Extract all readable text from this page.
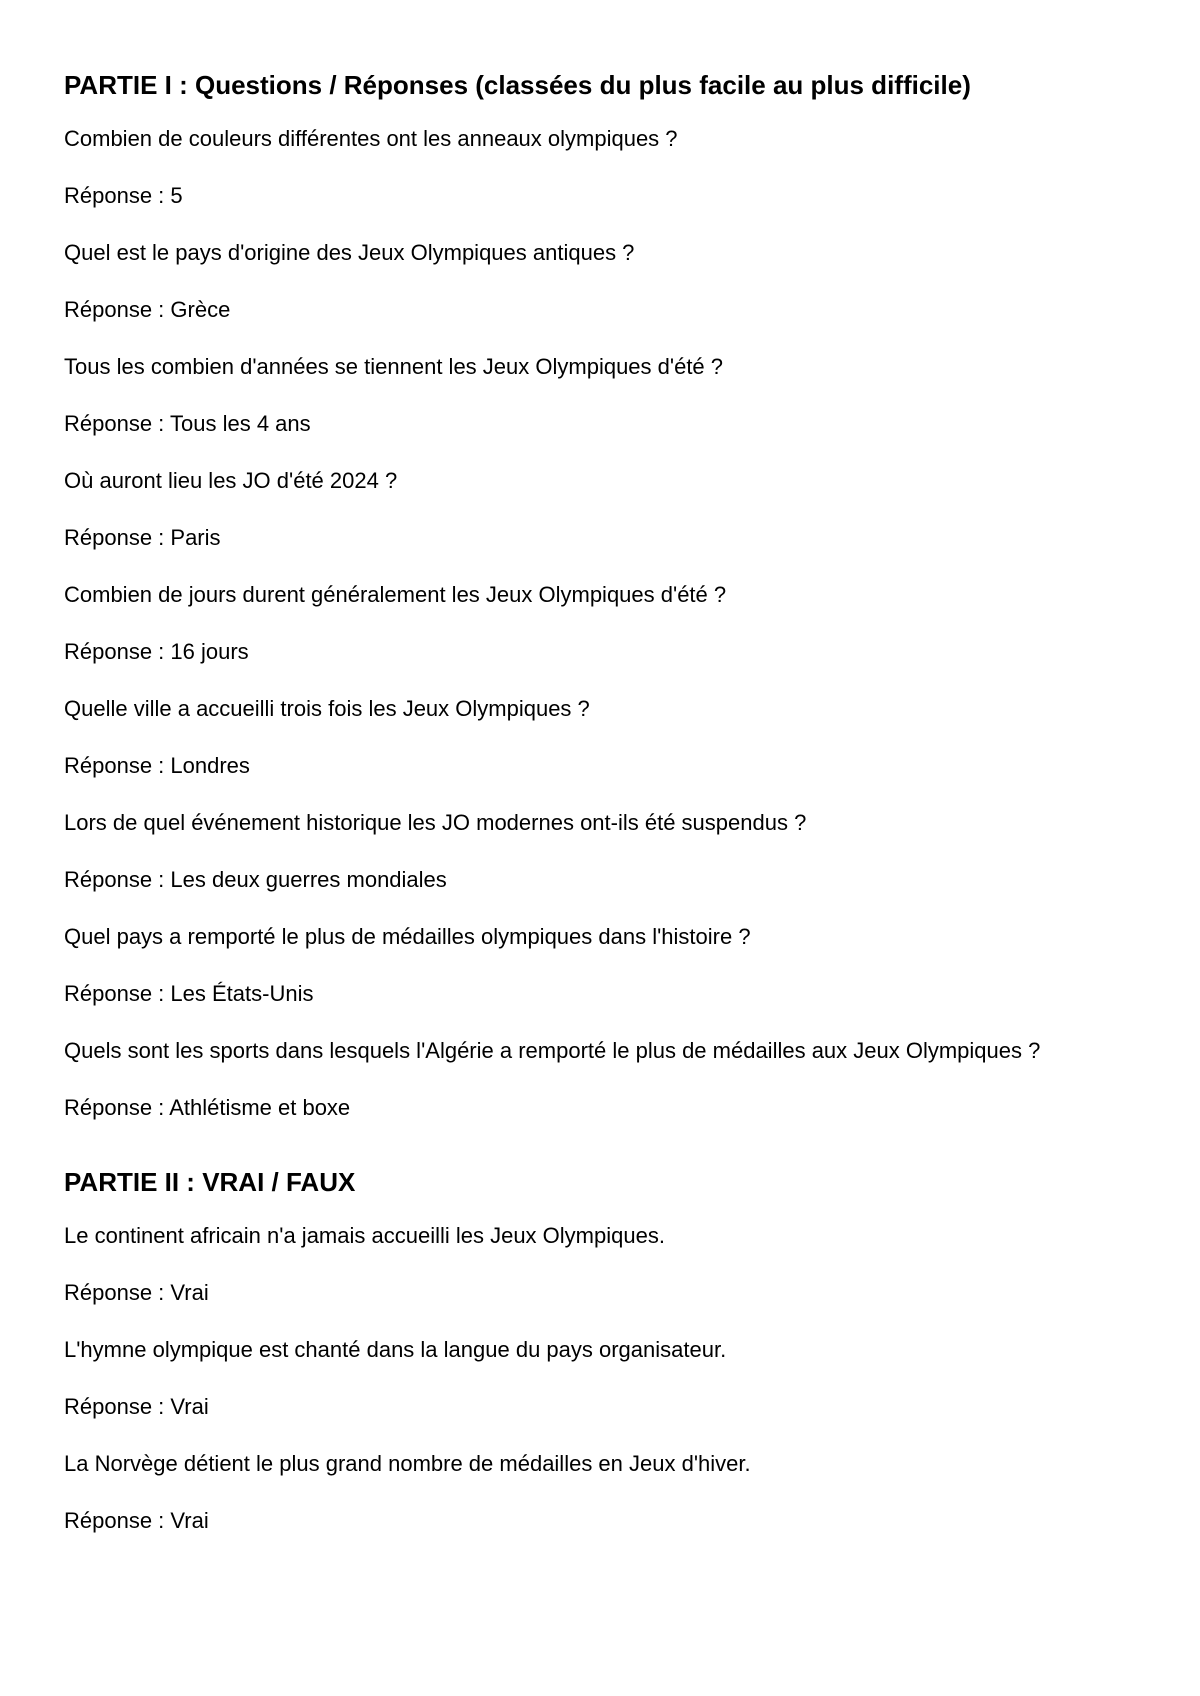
PARTIE I : Questions / Réponses (classées du plus facile au plus difficile)
Combien de couleurs différentes ont les anneaux olympiques ?
Réponse : 5
Quel est le pays d'origine des Jeux Olympiques antiques ?
Réponse : Grèce
Tous les combien d'années se tiennent les Jeux Olympiques d'été ?
Réponse : Tous les 4 ans
Où auront lieu les JO d'été 2024 ?
Réponse : Paris
Combien de jours durent généralement les Jeux Olympiques d'été ?
Réponse : 16 jours
Quelle ville a accueilli trois fois les Jeux Olympiques ?
Réponse : Londres
Lors de quel événement historique les JO modernes ont-ils été suspendus ?
Réponse : Les deux guerres mondiales
Quel pays a remporté le plus de médailles olympiques dans l'histoire ?
Réponse : Les États-Unis
Quels sont les sports dans lesquels l'Algérie a remporté le plus de médailles aux Jeux Olympiques ?
Réponse : Athlétisme et boxe
PARTIE II : VRAI / FAUX
Le continent africain n'a jamais accueilli les Jeux Olympiques.
Réponse : Vrai
L'hymne olympique est chanté dans la langue du pays organisateur.
Réponse : Vrai
La Norvège détient le plus grand nombre de médailles en Jeux d'hiver.
Réponse : Vrai
